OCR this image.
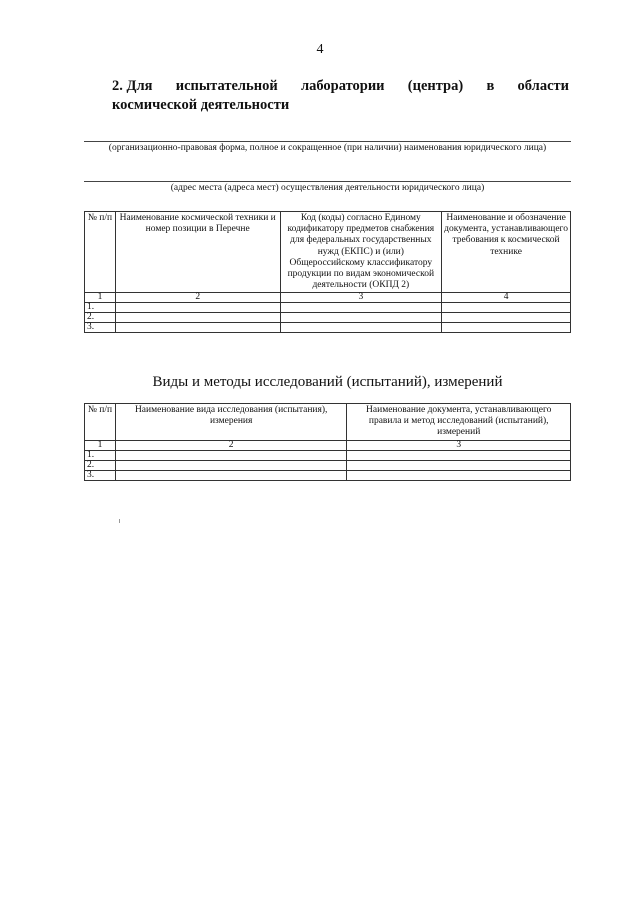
4
2. Для испытательной лаборатории (центра) в области
космической деятельности
(организационно-правовая форма, полное и сокращенное (при наличии) наименования юридического лица)
(адрес места (адреса мест) осуществления деятельности юридического лица)
№ п/п	Наименование космической техники и номер позиции в Перечне	Код (коды) согласно Единому кодификатору предметов снабжения для федеральных государственных нужд (ЕКПС) и (или) Общероссийскому классификатору продукции по видам экономической деятельности (ОКПД 2)	Наименование и обозначение документа, устанавливающего требования к космической технике
1	2	3	4
1.			
2.			
3.			
Виды и методы исследований (испытаний), измерений
№ п/п	Наименование вида исследования (испытания), измерения	Наименование документа, устанавливающего правила и метод исследований (испытаний), измерений
1	2	3
1.		
2.		
3.		
